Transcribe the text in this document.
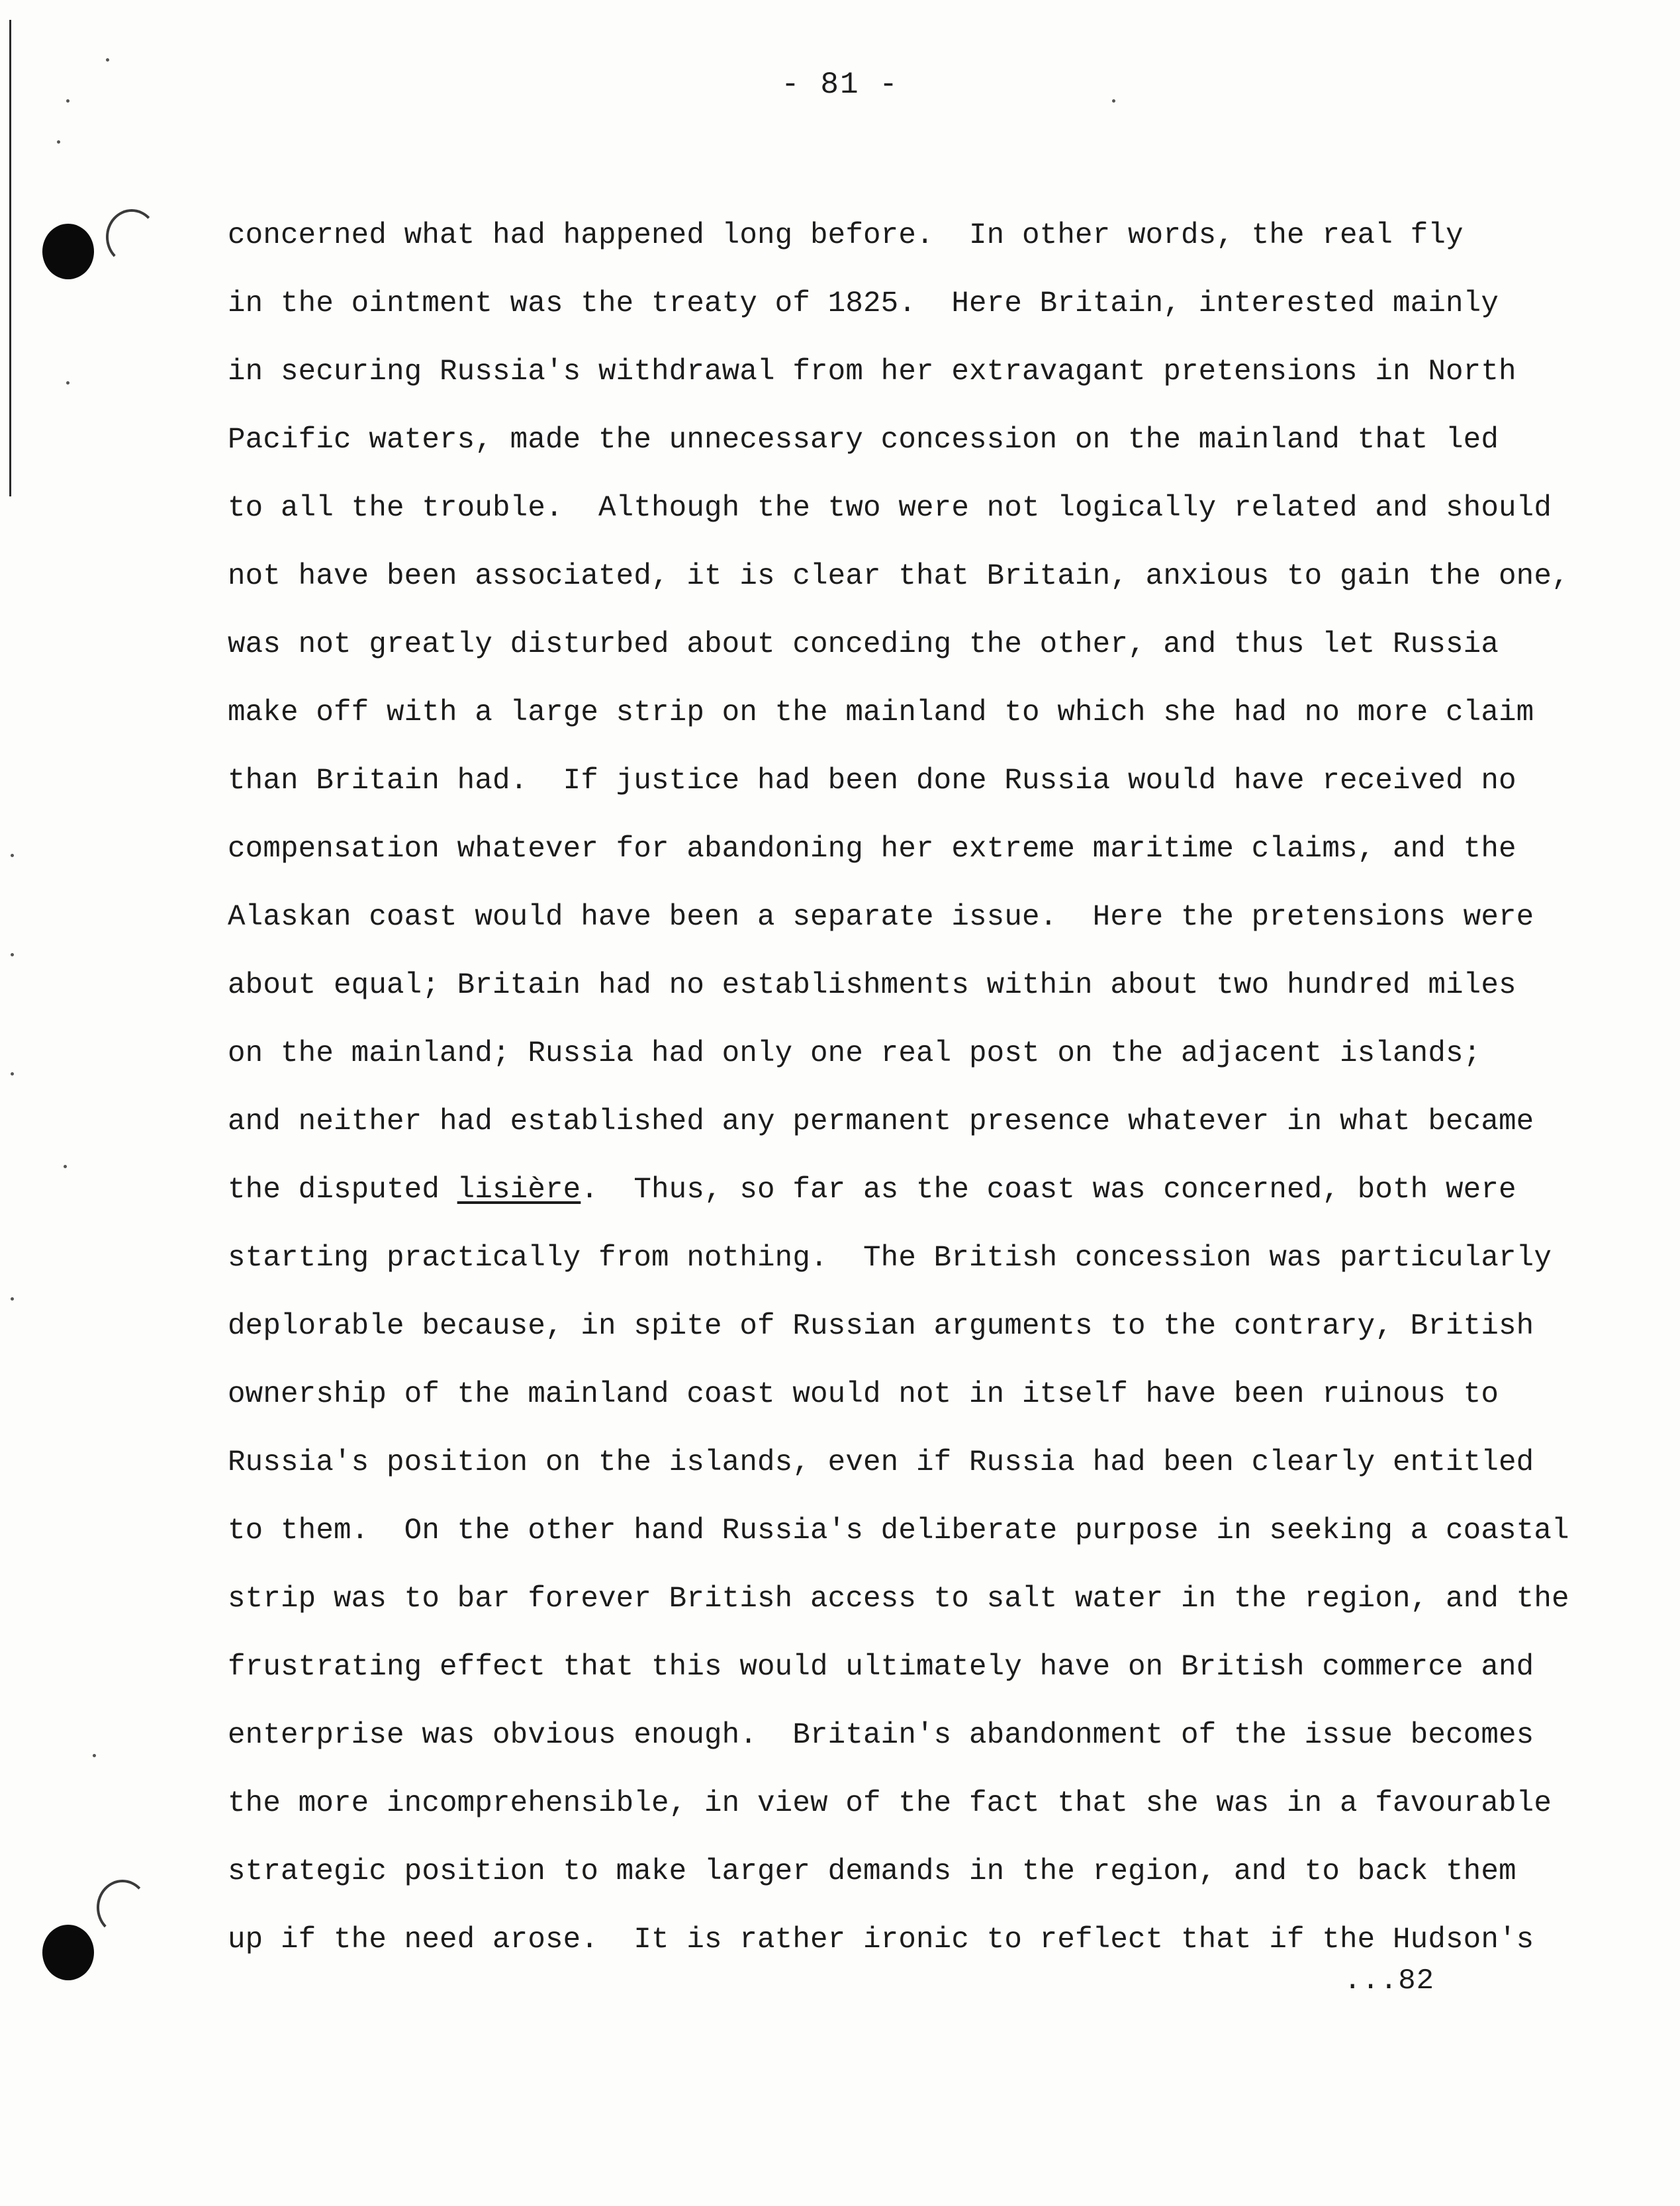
- 81 -
concerned what had happened long before.  In other words, the real fly
in the ointment was the treaty of 1825.  Here Britain, interested mainly
in securing Russia's withdrawal from her extravagant pretensions in North
Pacific waters, made the unnecessary concession on the mainland that led
to all the trouble.  Although the two were not logically related and should
not have been associated, it is clear that Britain, anxious to gain the one,
was not greatly disturbed about conceding the other, and thus let Russia
make off with a large strip on the mainland to which she had no more claim
than Britain had.  If justice had been done Russia would have received no
compensation whatever for abandoning her extreme maritime claims, and the
Alaskan coast would have been a separate issue.  Here the pretensions were
about equal; Britain had no establishments within about two hundred miles
on the mainland; Russia had only one real post on the adjacent islands;
and neither had established any permanent presence whatever in what became
the disputed lisière.  Thus, so far as the coast was concerned, both were
starting practically from nothing.  The British concession was particularly
deplorable because, in spite of Russian arguments to the contrary, British
ownership of the mainland coast would not in itself have been ruinous to
Russia's position on the islands, even if Russia had been clearly entitled
to them.  On the other hand Russia's deliberate purpose in seeking a coastal
strip was to bar forever British access to salt water in the region, and the
frustrating effect that this would ultimately have on British commerce and
enterprise was obvious enough.  Britain's abandonment of the issue becomes
the more incomprehensible, in view of the fact that she was in a favourable
strategic position to make larger demands in the region, and to back them
up if the need arose.  It is rather ironic to reflect that if the Hudson's
...82
